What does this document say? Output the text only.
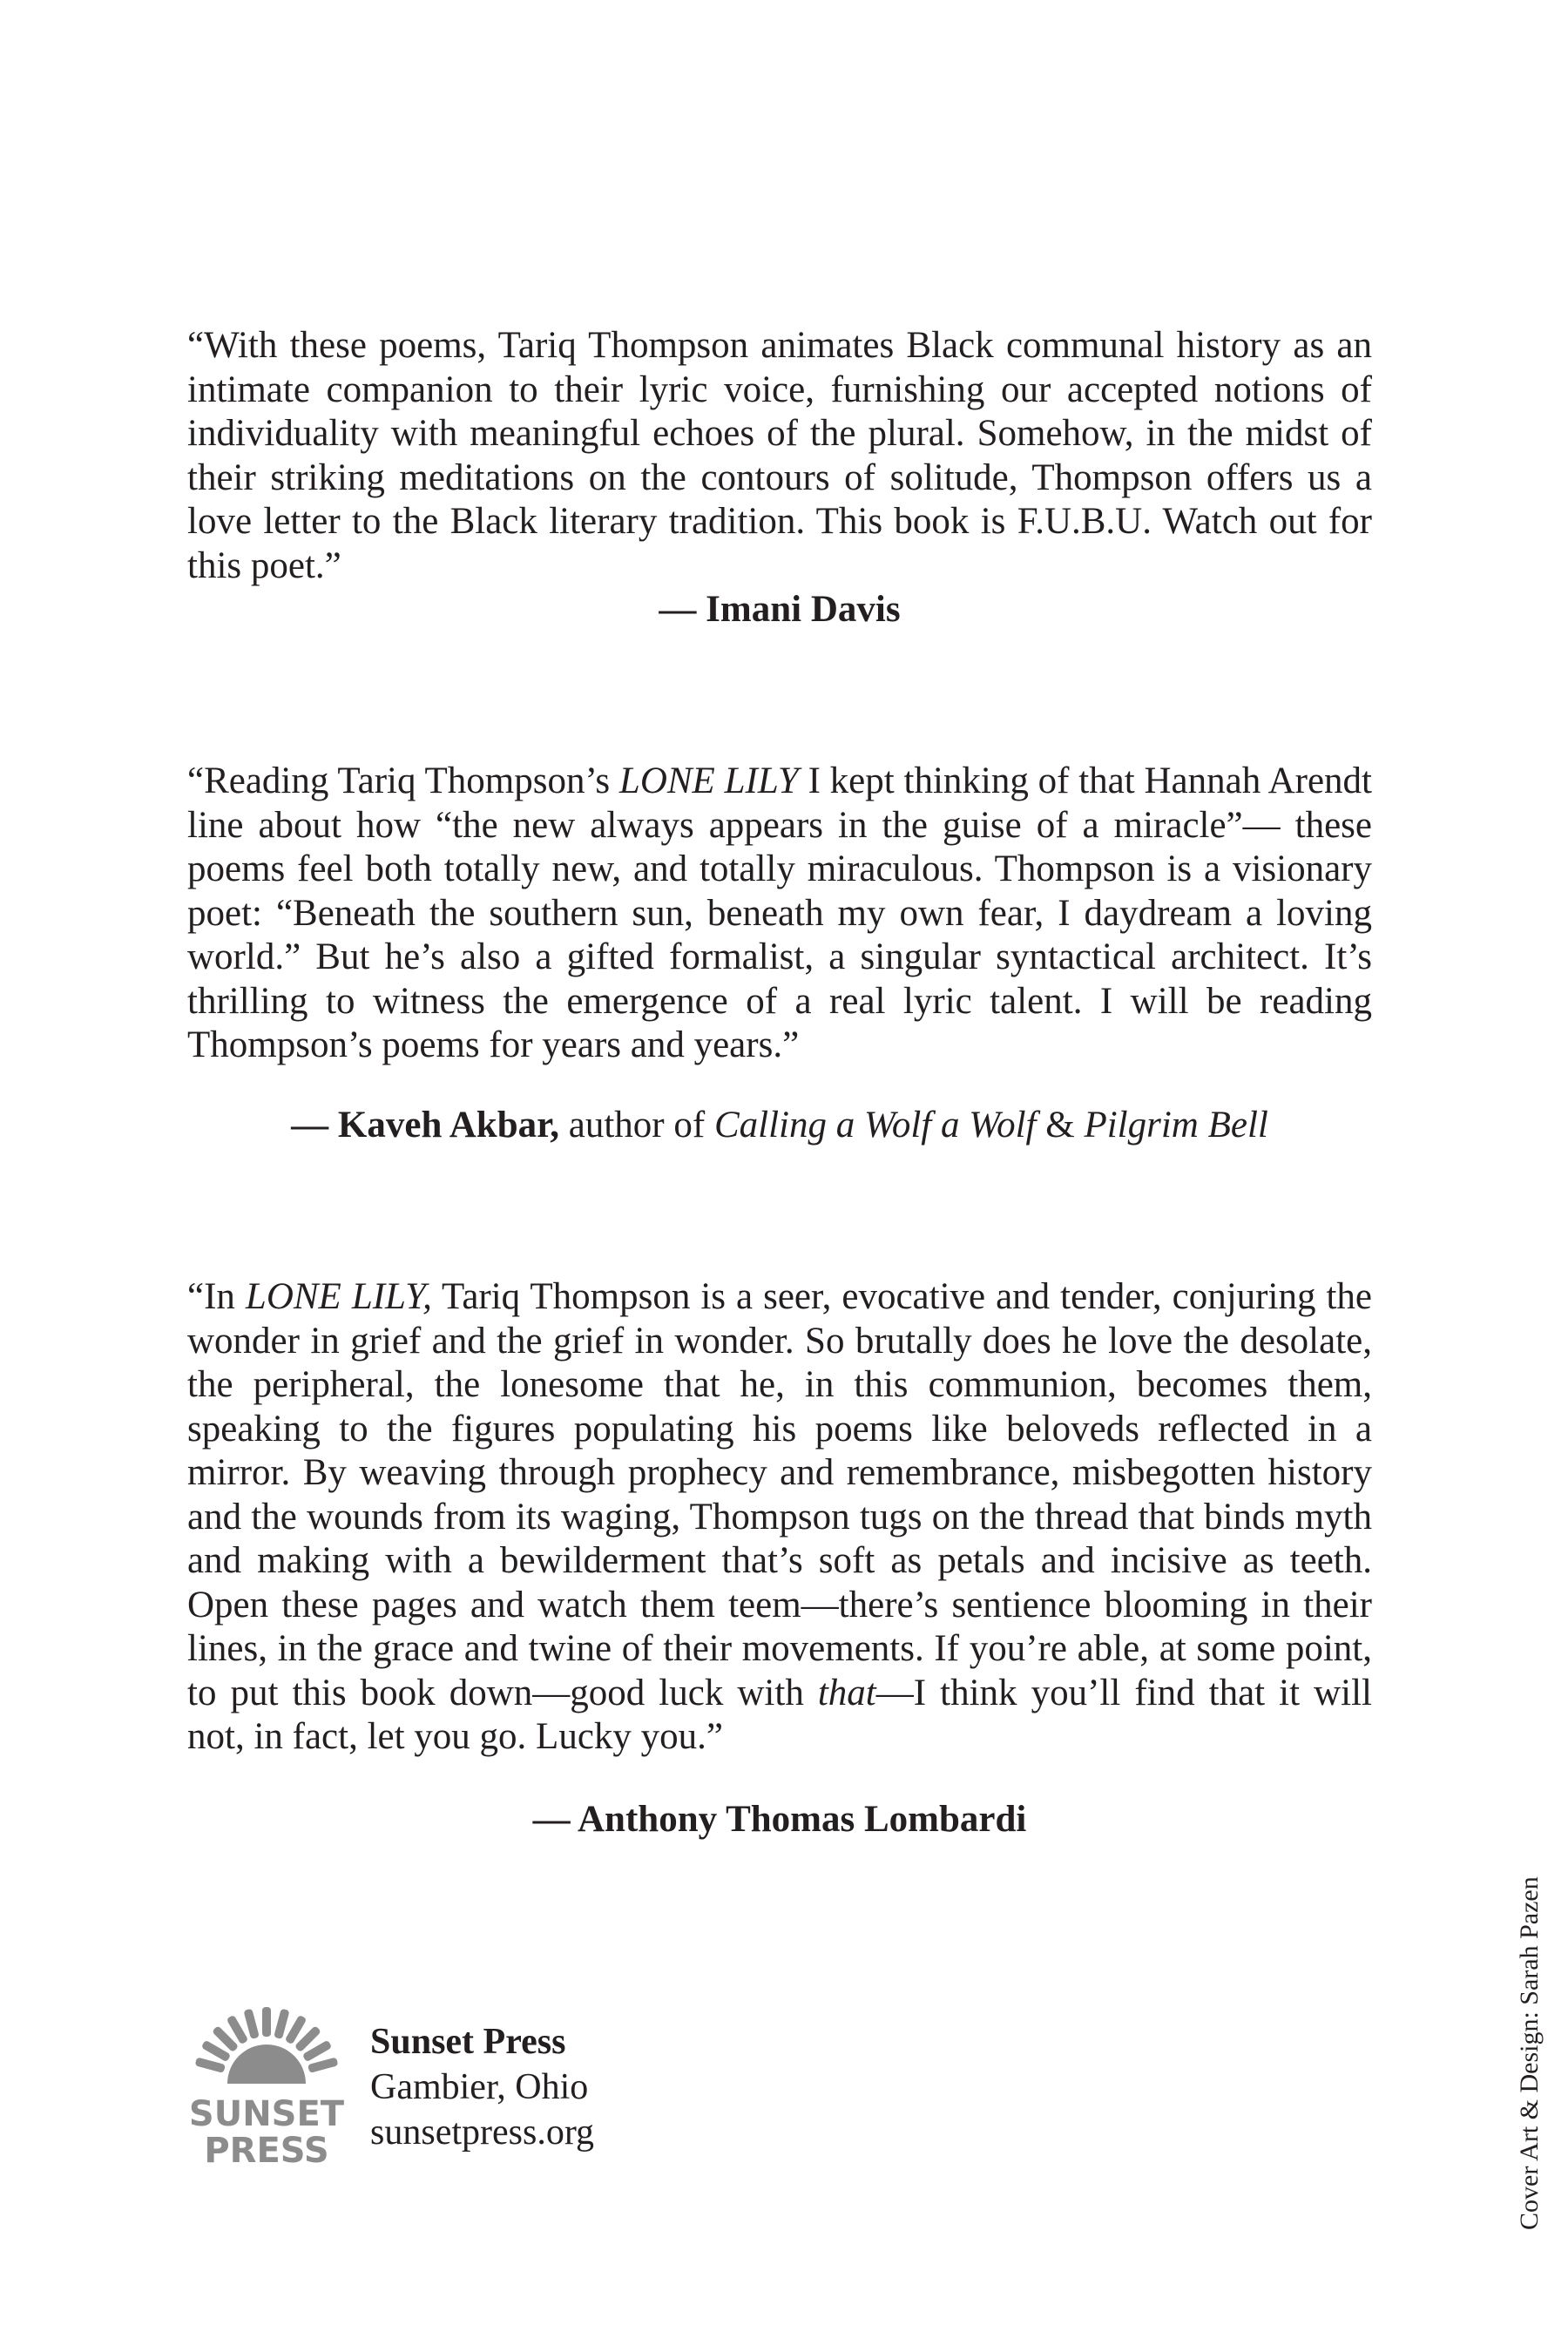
“With these poems, Tariq Thompson animates Black communal history as an intimate companion to their lyric voice, furnishing our accepted notions of individuality with meaningful echoes of the plural. Somehow, in the midst of their striking meditations on the contours of solitude, Thompson offers us a love letter to the Black literary tradition. This book is F.U.B.U. Watch out for this poet.”

— Imani Davis

“Reading Tariq Thompson’s LONE LILY I kept thinking of that Hannah Arendt line about how “the new always appears in the guise of a miracle”— these poems feel both totally new, and totally miraculous. Thompson is a visionary poet: “Beneath the southern sun, beneath my own fear, I daydream a loving world.” But he’s also a gifted formalist, a singular syntactical architect. It’s thrilling to witness the emergence of a real lyric talent. I will be reading Thompson’s poems for years and years.”

— Kaveh Akbar, author of Calling a Wolf a Wolf & Pilgrim Bell

“In LONE LILY, Tariq Thompson is a seer, evocative and tender, conjuring the wonder in grief and the grief in wonder. So brutally does he love the desolate, the peripheral, the lonesome that he, in this communion, becomes them, speaking to the figures populating his poems like beloveds reflected in a mirror. By weaving through prophecy and remembrance, misbegotten history and the wounds from its waging, Thompson tugs on the thread that binds myth and making with a bewilderment that’s soft as petals and incisive as teeth. Open these pages and watch them teem—there’s sentience blooming in their lines, in the grace and twine of their movements. If you’re able, at some point, to put this book down—good luck with that—I think you’ll find that it will not, in fact, let you go. Lucky you.”

— Anthony Thomas Lombardi
SUNSET
PRESS
Sunset Press
Gambier, Ohio
sunsetpress.org	Cover Art & Design: Sarah Pazen
